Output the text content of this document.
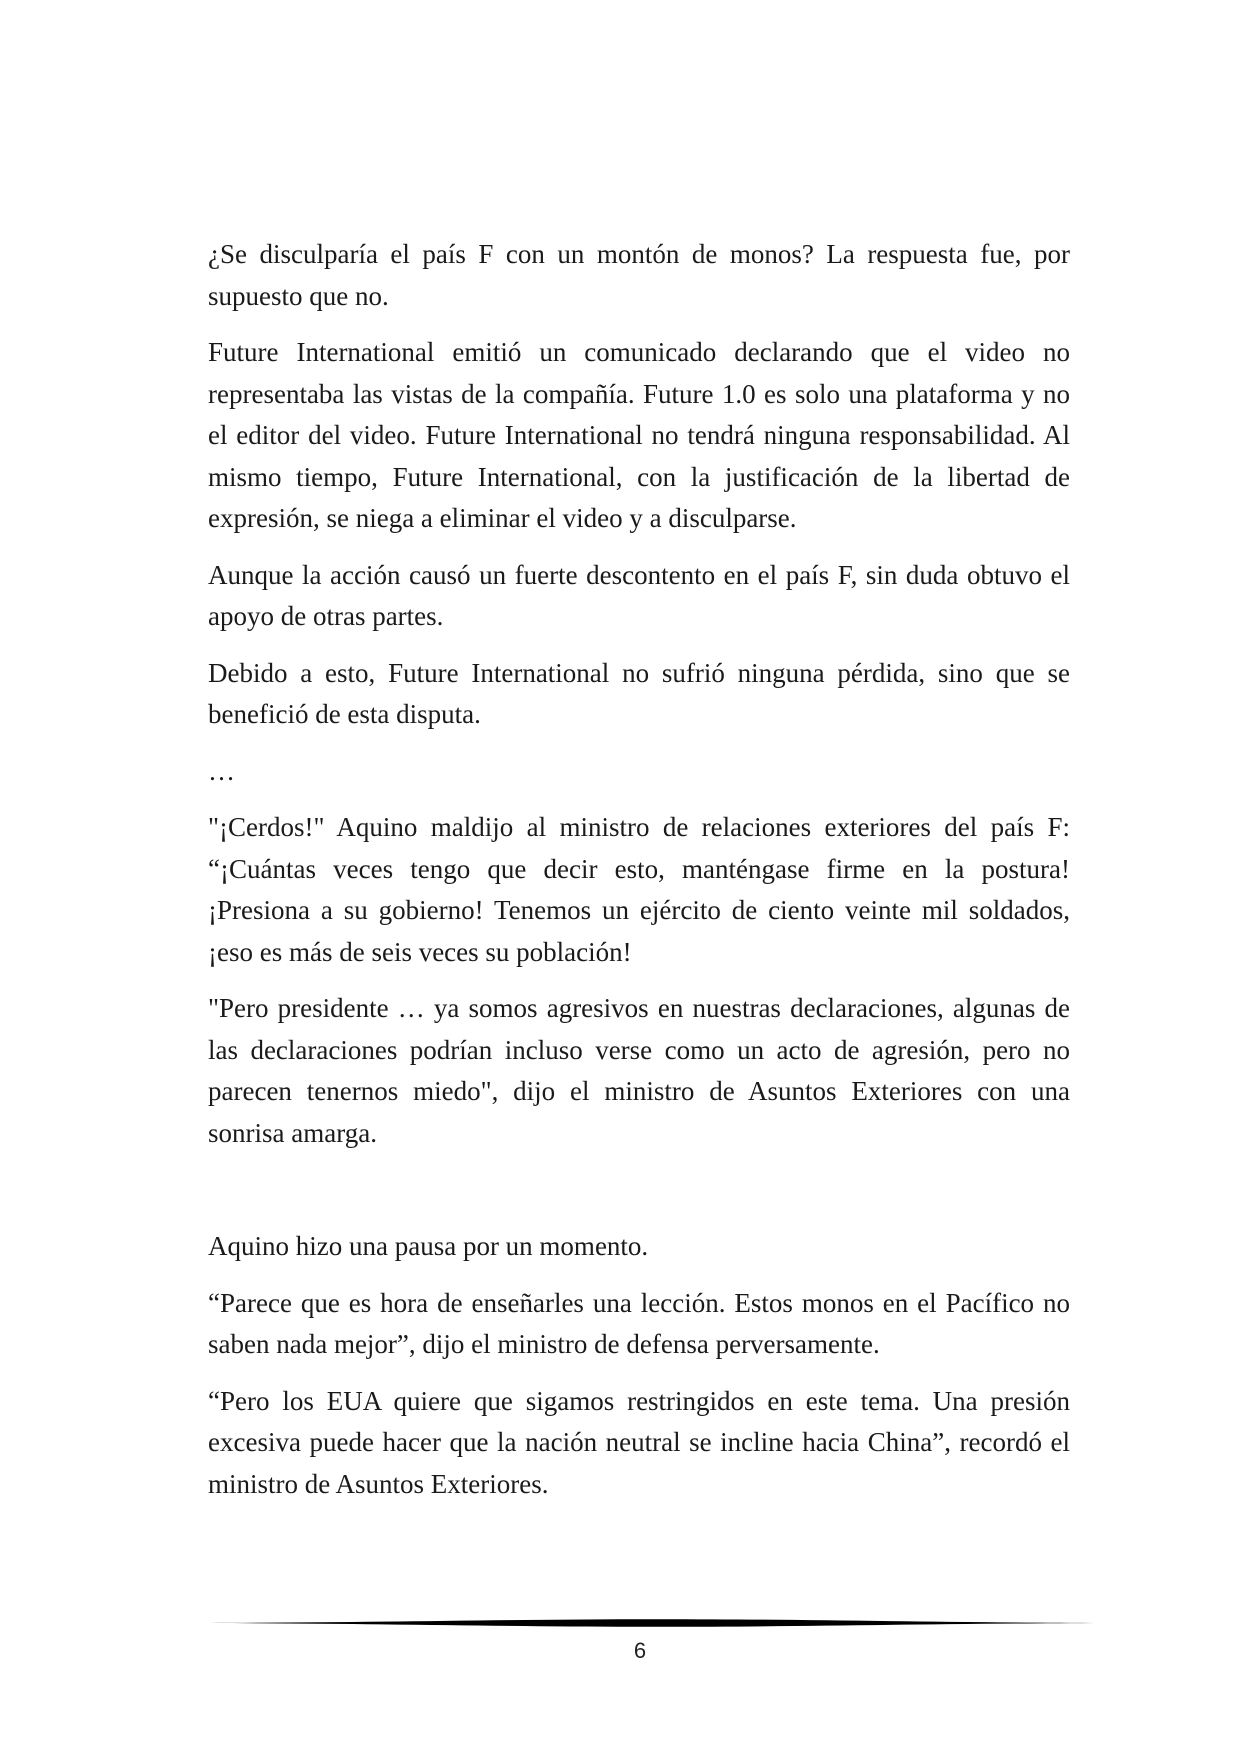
¿Se disculparía el país F con un montón de monos? La respuesta fue, por supuesto que no.

Future International emitió un comunicado declarando que el video no representaba las vistas de la compañía. Future 1.0 es solo una plataforma y no el editor del video. Future International no tendrá ninguna responsabilidad. Al mismo tiempo, Future International, con la justificación de la libertad de expresión, se niega a eliminar el video y a disculparse.

Aunque la acción causó un fuerte descontento en el país F, sin duda obtuvo el apoyo de otras partes.

Debido a esto, Future International no sufrió ninguna pérdida, sino que se benefició de esta disputa.

…

"¡Cerdos!" Aquino maldijo al ministro de relaciones exteriores del país F: “¡Cuántas veces tengo que decir esto, manténgase firme en la postura! ¡Presiona a su gobierno! Tenemos un ejército de ciento veinte mil soldados, ¡eso es más de seis veces su población!

"Pero presidente … ya somos agresivos en nuestras declaraciones, algunas de las declaraciones podrían incluso verse como un acto de agresión, pero no parecen tenernos miedo", dijo el ministro de Asuntos Exteriores con una sonrisa amarga.

Aquino hizo una pausa por un momento.

“Parece que es hora de enseñarles una lección. Estos monos en el Pacífico no saben nada mejor”, dijo el ministro de defensa perversamente.

“Pero los EUA quiere que sigamos restringidos en este tema. Una presión excesiva puede hacer que la nación neutral se incline hacia China”, recordó el ministro de Asuntos Exteriores.

6
